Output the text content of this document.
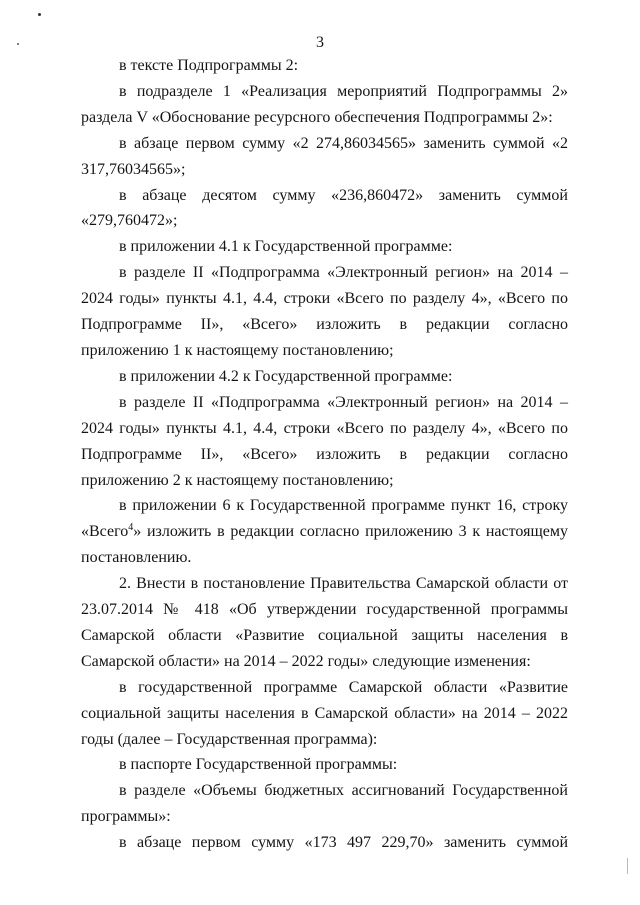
3

в тексте Подпрограммы 2:

в подразделе 1 «Реализация мероприятий Подпрограммы 2» раздела V «Обоснование ресурсного обеспечения Подпрограммы 2»:

в абзаце первом сумму «2 274,86034565» заменить суммой «2 317,76034565»;

в абзаце десятом сумму «236,860472» заменить суммой «279,760472»;

в приложении 4.1 к Государственной программе:

в разделе II «Подпрограмма «Электронный регион» на 2014 – 2024 годы» пункты 4.1, 4.4, строки «Всего по разделу 4», «Всего по Подпрограмме II», «Всего» изложить в редакции согласно приложению 1 к настоящему постановлению;

в приложении 4.2 к Государственной программе:

в разделе II «Подпрограмма «Электронный регион» на 2014 – 2024 годы» пункты 4.1, 4.4, строки «Всего по разделу 4», «Всего по Подпрограмме II», «Всего» изложить в редакции согласно приложению 2 к настоящему постановлению;

в приложении 6 к Государственной программе пункт 16, строку «Всего$^4$» изложить в редакции согласно приложению 3 к настоящему постановлению.

2. Внести в постановление Правительства Самарской области от 23.07.2014 № 418 «Об утверждении государственной программы Самарской области «Развитие социальной защиты населения в Самарской области» на 2014 – 2022 годы» следующие изменения:

в государственной программе Самарской области «Развитие социальной защиты населения в Самарской области» на 2014 – 2022 годы (далее – Государственная программа):

в паспорте Государственной программы:

в разделе «Объемы бюджетных ассигнований Государственной программы»:

в абзаце первом сумму «173 497 229,70» заменить суммой
